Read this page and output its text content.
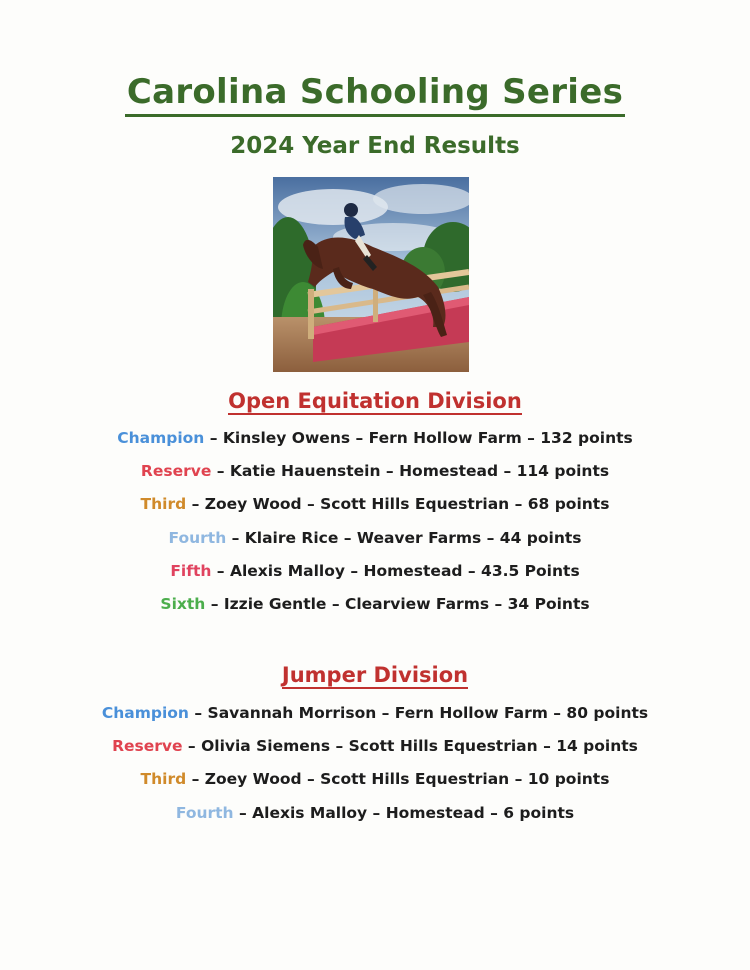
Carolina Schooling Series
2024 Year End Results
Open Equitation Division
Champion – Kinsley Owens – Fern Hollow Farm – 132 points
Reserve – Katie Hauenstein – Homestead – 114 points
Third – Zoey Wood – Scott Hills Equestrian – 68 points
Fourth – Klaire Rice – Weaver Farms – 44 points
Fifth – Alexis Malloy – Homestead – 43.5 Points
Sixth – Izzie Gentle – Clearview Farms – 34 Points
Jumper Division
Champion – Savannah Morrison – Fern Hollow Farm – 80 points
Reserve – Olivia Siemens – Scott Hills Equestrian – 14 points
Third – Zoey Wood – Scott Hills Equestrian – 10 points
Fourth – Alexis Malloy – Homestead – 6 points
